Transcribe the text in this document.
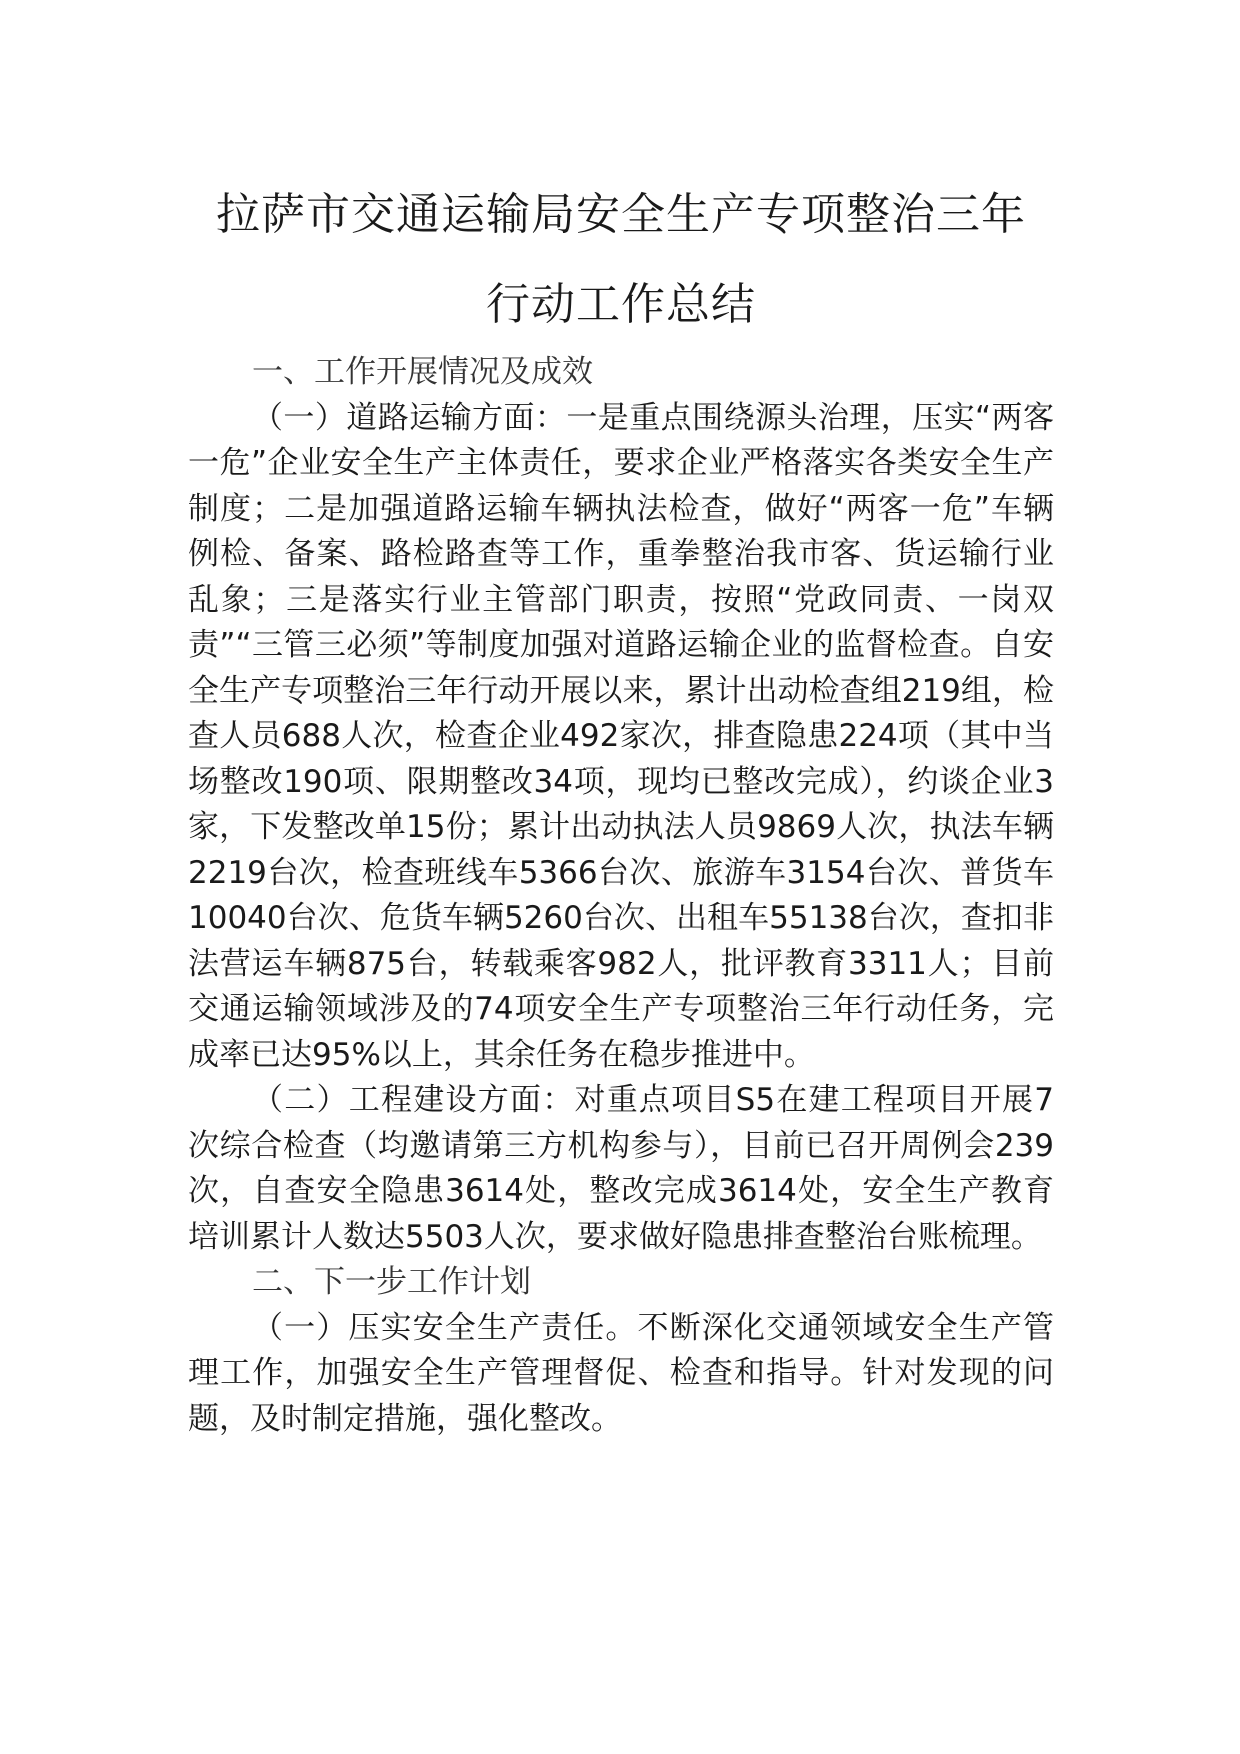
拉萨市交通运输局安全生产专项整治三年
行动工作总结
一、工作开展情况及成效

（一）道路运输方面：一是重点围绕源头治理，压实“两客一危”企业安全生产主体责任，要求企业严格落实各类安全生产制度；二是加强道路运输车辆执法检查，做好“两客一危”车辆例检、备案、路检路查等工作，重拳整治我市客、货运输行业乱象；三是落实行业主管部门职责，按照“党政同责、一岗双责”“三管三必须”等制度加强对道路运输企业的监督检查。自安全生产专项整治三年行动开展以来，累计出动检查组219组，检查人员688人次，检查企业492家次，排查隐患224项（其中当场整改190项、限期整改34项，现均已整改完成），约谈企业3家，下发整改单15份；累计出动执法人员9869人次，执法车辆2219台次，检查班线车5366台次、旅游车3154台次、普货车10040台次、危货车辆5260台次、出租车55138台次，查扣非法营运车辆875台，转载乘客982人，批评教育3311人；目前交通运输领域涉及的74项安全生产专项整治三年行动任务，完成率已达95%以上，其余任务在稳步推进中。

（二）工程建设方面：对重点项目S5在建工程项目开展7次综合检查（均邀请第三方机构参与），目前已召开周例会239次，自查安全隐患3614处，整改完成3614处，安全生产教育培训累计人数达5503人次，要求做好隐患排查整治台账梳理。

二、下一步工作计划

（一）压实安全生产责任。不断深化交通领域安全生产管理工作，加强安全生产管理督促、检查和指导。针对发现的问题，及时制定措施，强化整改。
